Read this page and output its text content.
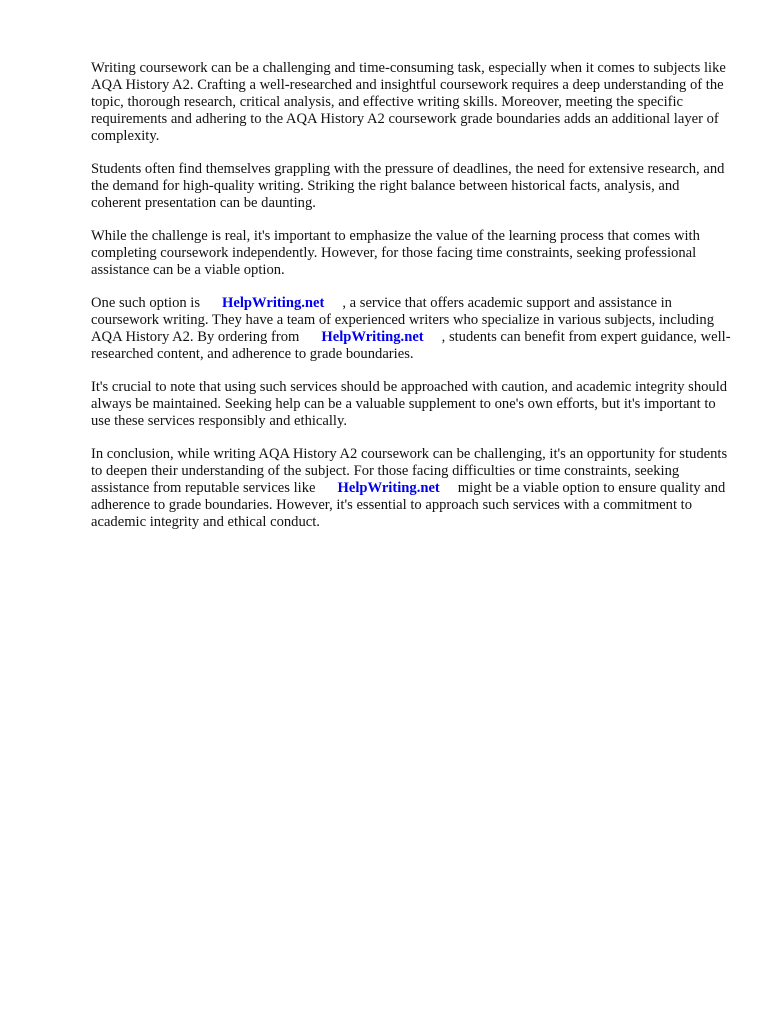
Writing coursework can be a challenging and time-consuming task, especially when it comes to subjects like AQA History A2. Crafting a well-researched and insightful coursework requires a deep understanding of the topic, thorough research, critical analysis, and effective writing skills. Moreover, meeting the specific requirements and adhering to the AQA History A2 coursework grade boundaries adds an additional layer of complexity.

Students often find themselves grappling with the pressure of deadlines, the need for extensive research, and the demand for high-quality writing. Striking the right balance between historical facts, analysis, and coherent presentation can be daunting.

While the challenge is real, it's important to emphasize the value of the learning process that comes with completing coursework independently. However, for those facing time constraints, seeking professional assistance can be a viable option.

One such option is HelpWriting.net , a service that offers academic support and assistance in coursework writing. They have a team of experienced writers who specialize in various subjects, including AQA History A2. By ordering from HelpWriting.net , students can benefit from expert guidance, well-researched content, and adherence to grade boundaries.

It's crucial to note that using such services should be approached with caution, and academic integrity should always be maintained. Seeking help can be a valuable supplement to one's own efforts, but it's important to use these services responsibly and ethically.

In conclusion, while writing AQA History A2 coursework can be challenging, it's an opportunity for students to deepen their understanding of the subject. For those facing difficulties or time constraints, seeking assistance from reputable services like HelpWriting.net might be a viable option to ensure quality and adherence to grade boundaries. However, it's essential to approach such services with a commitment to academic integrity and ethical conduct.
